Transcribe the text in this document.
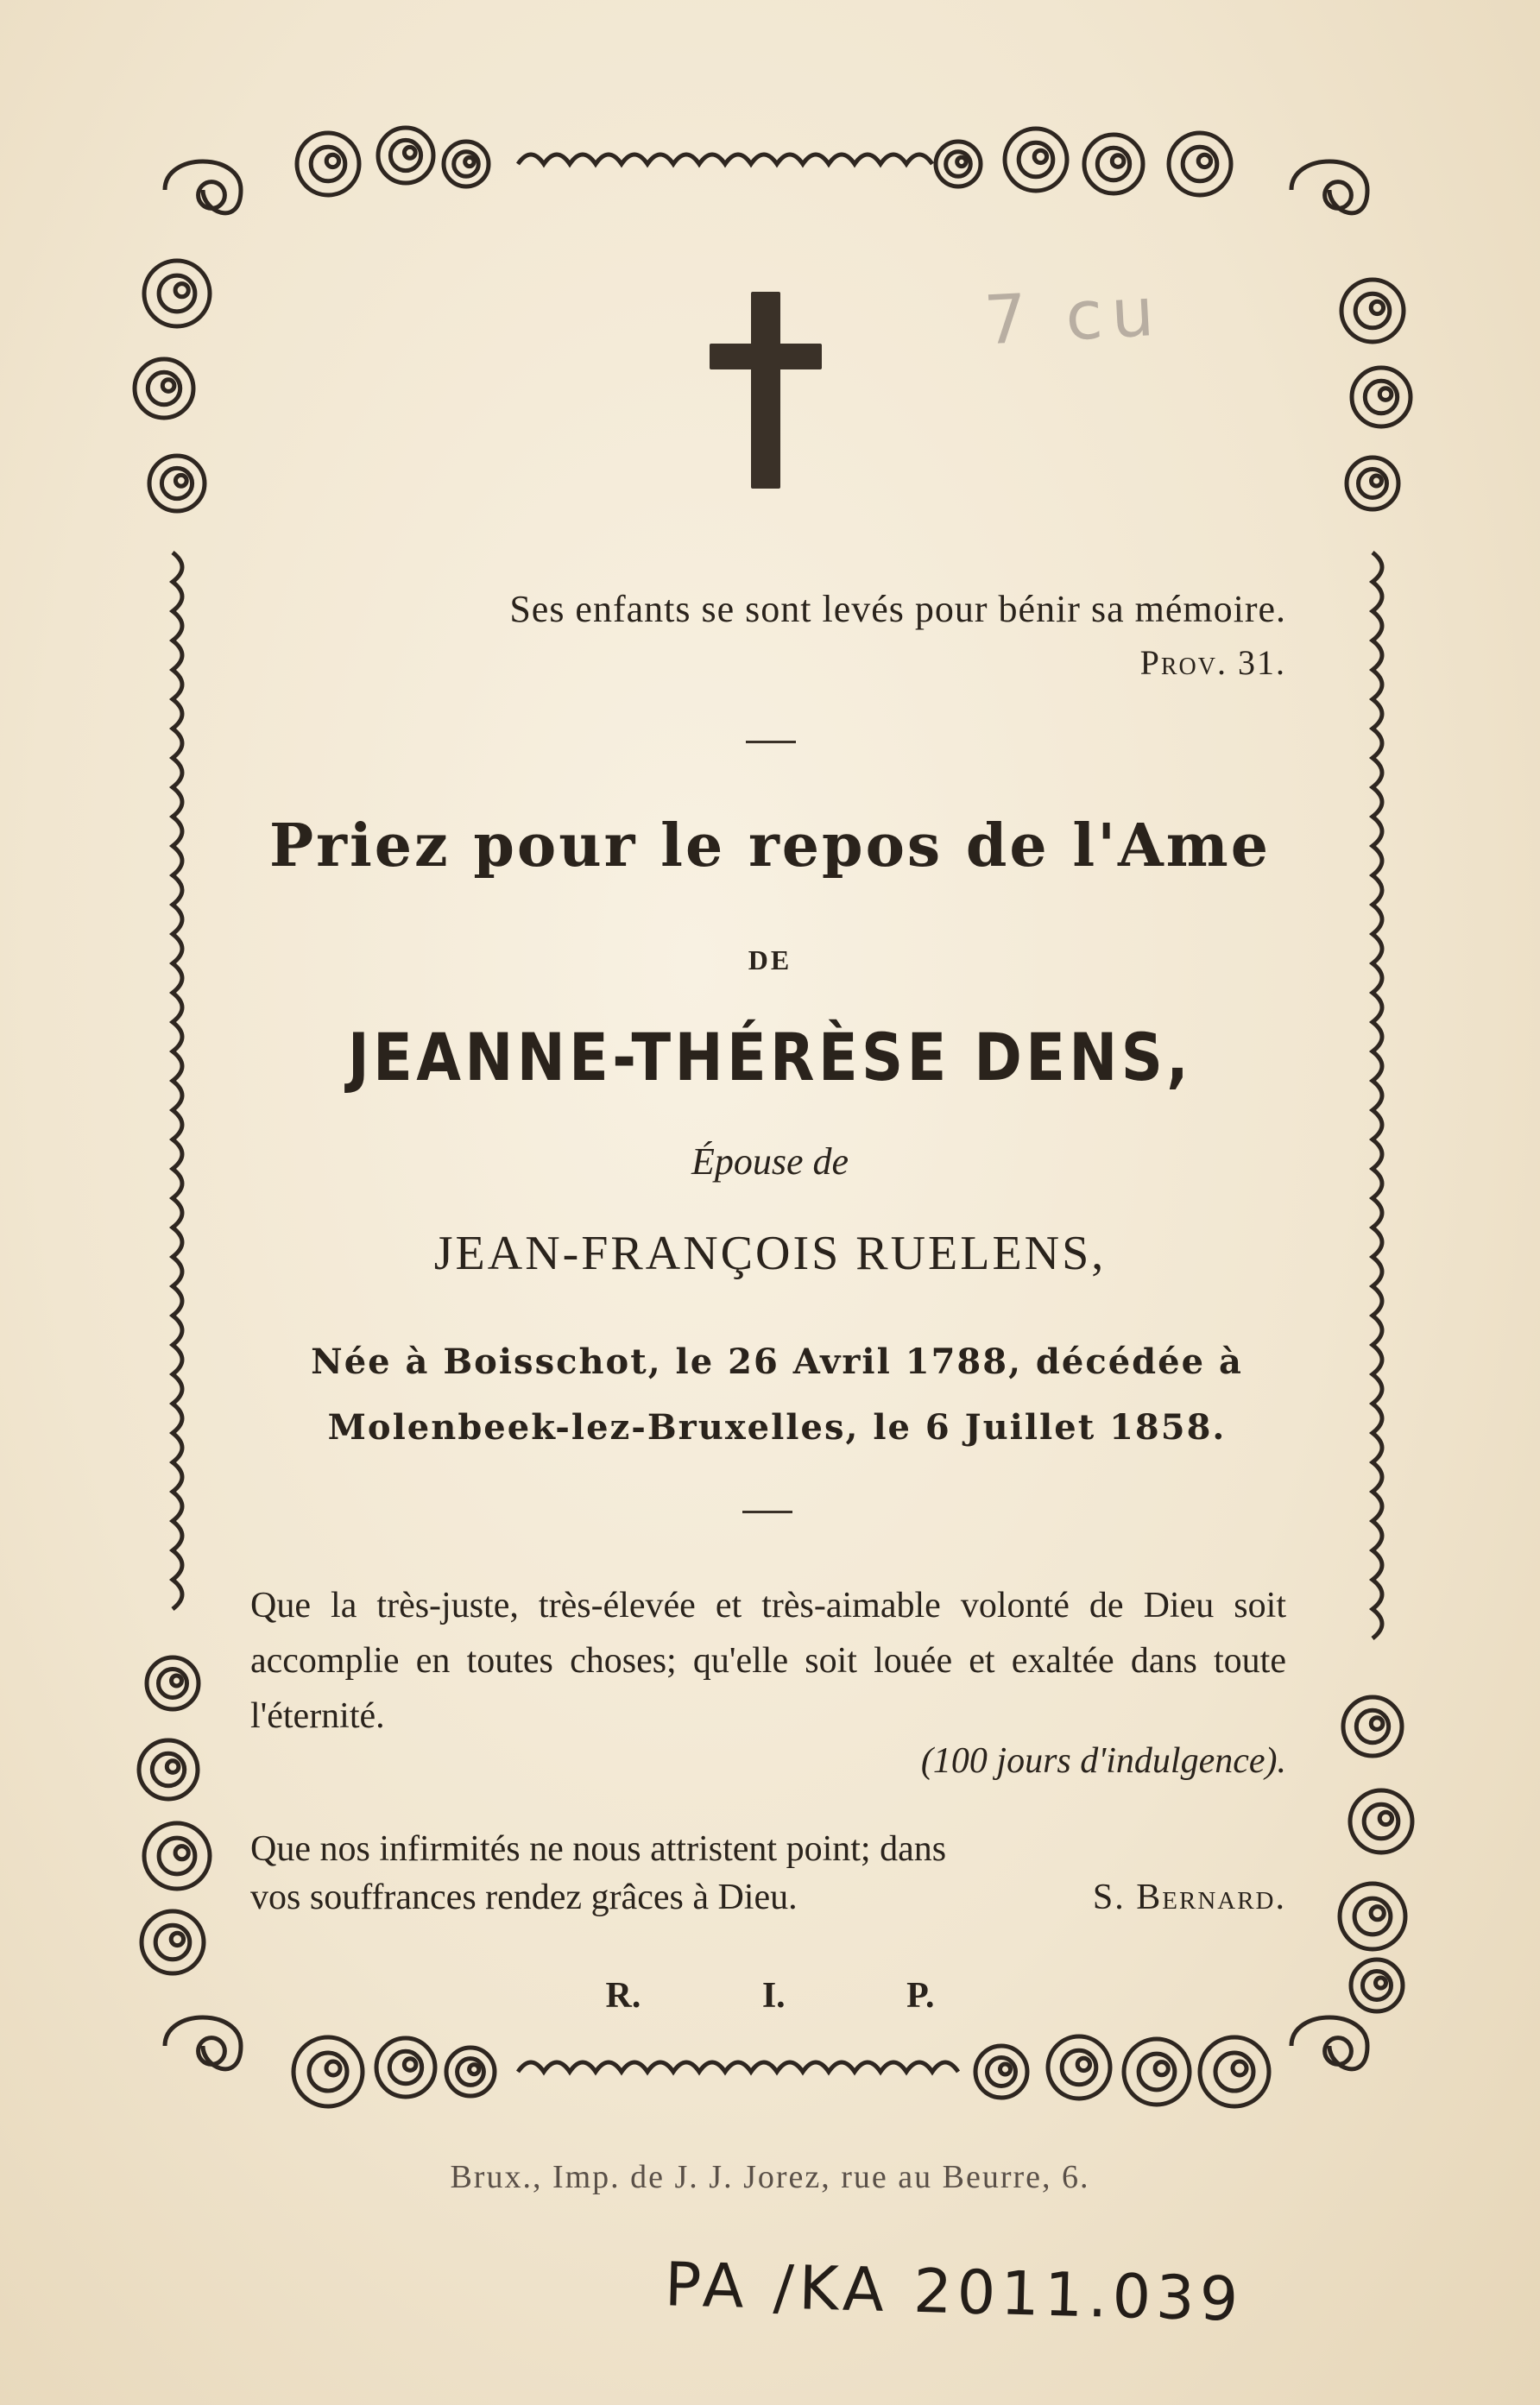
7 cu
Ses enfants se sont levés pour bénir sa mémoire.
Prov. 31.
Priez pour le repos de l'Ame
DE
JEANNE-THÉRÈSE DENS,
Épouse de
JEAN-FRANÇOIS RUELENS,
Née à Boisschot, le 26 Avril 1788, décédée à
Molenbeek-lez-Bruxelles, le 6 Juillet 1858.
Que la très-juste, très-élevée et très-aimable volonté de Dieu soit accomplie en toutes choses; qu'elle soit louée et exaltée dans toute l'éternité.
(100 jours d'indulgence).
Que nos infirmités ne nous attristent point; dans
vos souffrances rendez grâces à Dieu.	S. Bernard.
R. I. P.
Brux., Imp. de J. J. Jorez, rue au Beurre, 6.
PA /KA 2011.039
